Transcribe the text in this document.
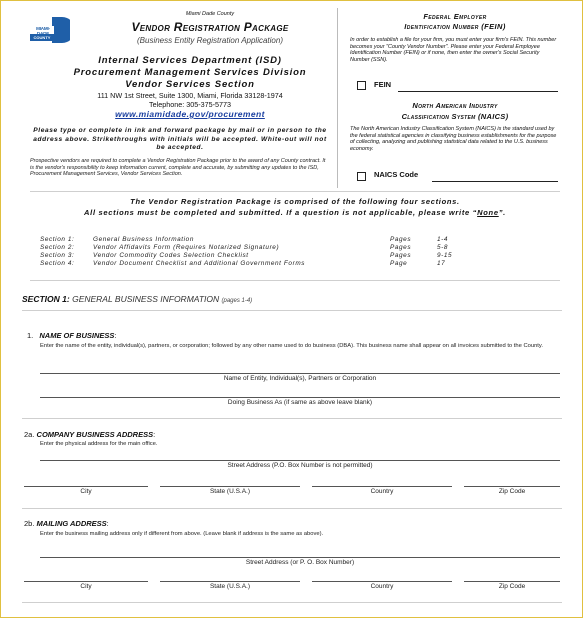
MIAMI-DADE
COUNTY
Miami Dade County
Vendor Registration Package
(Business Entity Registration Application)
Internal Services Department (ISD)
Procurement Management Services Division
Vendor Services Section
111 NW 1st Street, Suite 1300, Miami, Florida 33128-1974
Telephone: 305-375-5773
www.miamidade.gov/procurement
Please type or complete in ink and forward package by mail or in person to the address above. Strikethroughs with initials will be accepted. White-out will not be accepted.
Prospective vendors are required to complete a Vendor Registration Package prior to the award of any County contract. It is the vendor's responsibility to keep information current, complete and accurate, by submitting any updates to the ISD, Procurement Management Services, Vendor Services Section.
Federal Employer
Identification Number (FEIN)
In order to establish a file for your firm, you must enter your firm's FEIN. This number becomes your "County Vendor Number". Please enter your Federal Employee Identification Number (FEIN) or if none, then enter the owner's Social Security Number (SSN).
FEIN
North American Industry
Classification System (NAICS)
The North American Industry Classification System (NAICS) is the standard used by the federal statistical agencies in classifying business establishments for the purpose of collecting, analyzing and publishing statistical data related to the U.S. business economy.
NAICS Code
The Vendor Registration Package is comprised of the following four sections.
All sections must be completed and submitted. If a question is not applicable, please write “None”.
Section 1:	General Business Information	Pages	1-4
Section 2:	Vendor Affidavits Form (Requires Notarized Signature)	Pages	5-8
Section 3:	Vendor Commodity Codes Selection Checklist	Pages	9-15
Section 4:	Vendor Document Checklist and Additional Government Forms	Page	17
SECTION 1: GENERAL BUSINESS INFORMATION (pages 1-4)
1. NAME OF BUSINESS:
Enter the name of the entity, individual(s), partners, or corporation; followed by any other name used to do business (DBA). This business name shall appear on all invoices submitted to the County.
Name of Entity, Individual(s), Partners or Corporation
Doing Business As (if same as above leave blank)
2a. COMPANY BUSINESS ADDRESS:
Enter the physical address for the main office.
Street Address (P.O. Box Number is not permitted)
City	State (U.S.A.)	Country	Zip Code
2b. MAILING ADDRESS:
Enter the business mailing address only if different from above. (Leave blank if address is the same as above).
Street Address (or P. O. Box Number)
City	State (U.S.A.)	Country	Zip Code
